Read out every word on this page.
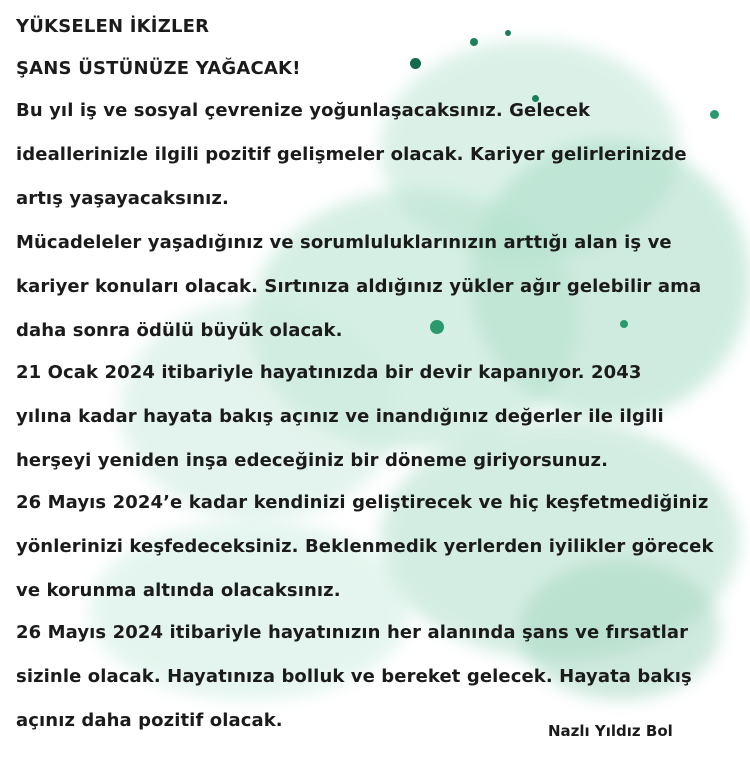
YÜKSELEN İKİZLER
ŞANS ÜSTÜNÜZE YAĞACAK!
Bu yıl iş ve sosyal çevrenize yoğunlaşacaksınız. Gelecek
ideallerinizle ilgili pozitif gelişmeler olacak. Kariyer gelirlerinizde
artış yaşayacaksınız.
Mücadeleler yaşadığınız ve sorumluluklarınızın arttığı alan iş ve
kariyer konuları olacak. Sırtınıza aldığınız yükler ağır gelebilir ama
daha sonra ödülü büyük olacak.
21 Ocak 2024 itibariyle hayatınızda bir devir kapanıyor. 2043
yılına kadar hayata bakış açınız ve inandığınız değerler ile ilgili
herşeyi yeniden inşa edeceğiniz bir döneme giriyorsunuz.
26 Mayıs 2024’e kadar kendinizi geliştirecek ve hiç keşfetmediğiniz
yönlerinizi keşfedeceksiniz. Beklenmedik yerlerden iyilikler görecek
ve korunma altında olacaksınız.
26 Mayıs 2024 itibariyle hayatınızın her alanında şans ve fırsatlar
sizinle olacak. Hayatınıza bolluk ve bereket gelecek. Hayata bakış
açınız daha pozitif olacak.	Nazlı Yıldız Bol
